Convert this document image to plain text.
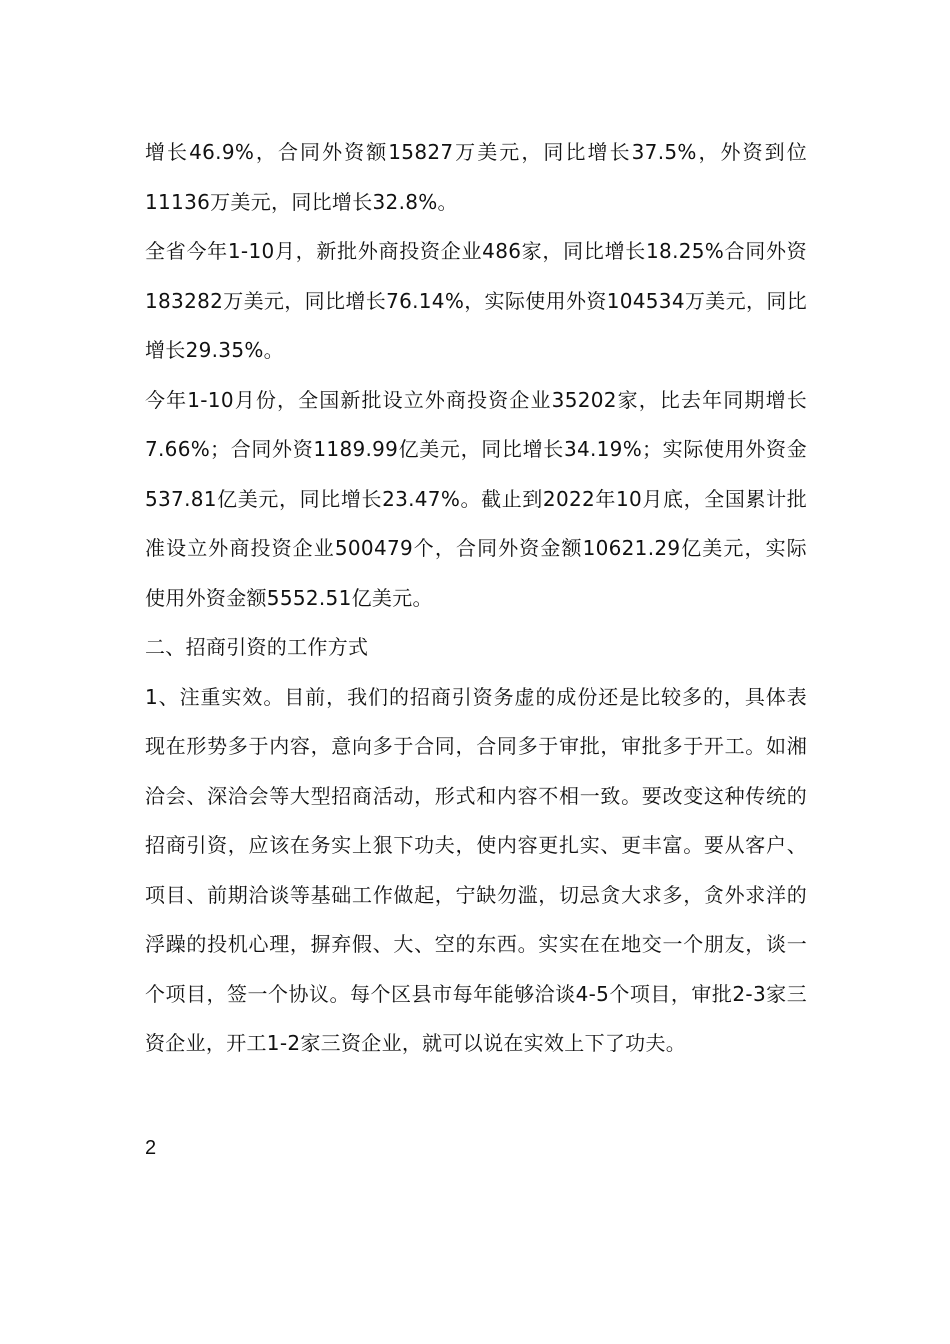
增长46.9%，合同外资额15827万美元，同比增长37.5%，外资到位11136万美元，同比增长32.8%。

全省今年1-10月，新批外商投资企业486家，同比增长18.25%合同外资183282万美元，同比增长76.14%，实际使用外资104534万美元，同比增长29.35%。

今年1-10月份，全国新批设立外商投资企业35202家，比去年同期增长7.66%；合同外资1189.99亿美元，同比增长34.19%；实际使用外资金537.81亿美元，同比增长23.47%。截止到2022年10月底，全国累计批准设立外商投资企业500479个，合同外资金额10621.29亿美元，实际使用外资金额5552.51亿美元。

二、招商引资的工作方式

1、注重实效。目前，我们的招商引资务虚的成份还是比较多的，具体表现在形势多于内容，意向多于合同，合同多于审批，审批多于开工。如湘洽会、深洽会等大型招商活动，形式和内容不相一致。要改变这种传统的招商引资，应该在务实上狠下功夫，使内容更扎实、更丰富。要从客户、项目、前期洽谈等基础工作做起，宁缺勿滥，切忌贪大求多，贪外求洋的浮躁的投机心理，摒弃假、大、空的东西。实实在在地交一个朋友，谈一个项目，签一个协议。每个区县市每年能够洽谈4-5个项目，审批2-3家三资企业，开工1-2家三资企业，就可以说在实效上下了功夫。

2
